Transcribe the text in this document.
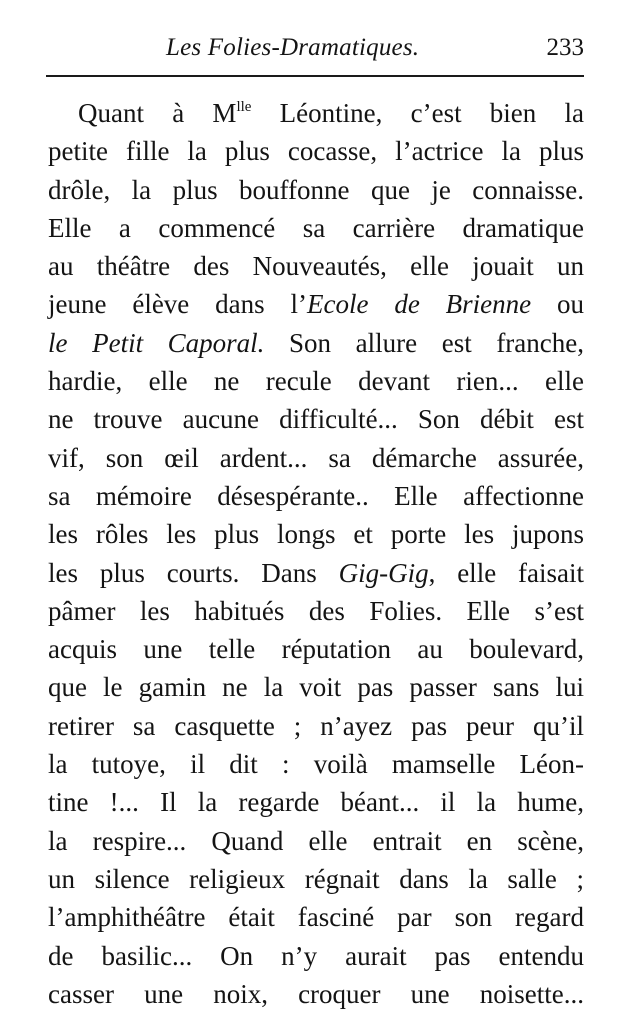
Les Folies-Dramatiques.	233
Quant à $M^{lle}$ Léontine, c’est bien la
petite fille la plus cocasse, l’actrice la plus
drôle, la plus bouffonne que je connaisse.
Elle a commencé sa carrière dramatique
au théâtre des Nouveautés, elle jouait un
jeune élève dans l’Ecole de Brienne ou
le Petit Caporal. Son allure est franche,
hardie, elle ne recule devant rien... elle
ne trouve aucune difficulté... Son débit est
vif, son œil ardent... sa démarche assurée,
sa mémoire désespérante.. Elle affectionne
les rôles les plus longs et porte les jupons
les plus courts. Dans Gig-Gig, elle faisait
pâmer les habitués des Folies. Elle s’est
acquis une telle réputation au boulevard,
que le gamin ne la voit pas passer sans lui
retirer sa casquette ; n’ayez pas peur qu’il
la tutoye, il dit : voilà mamselle Léon-
tine !... Il la regarde béant... il la hume,
la respire... Quand elle entrait en scène,
un silence religieux régnait dans la salle ;
l’amphithéâtre était fasciné par son regard
de basilic... On n’y aurait pas entendu
casser une noix, croquer une noisette...
